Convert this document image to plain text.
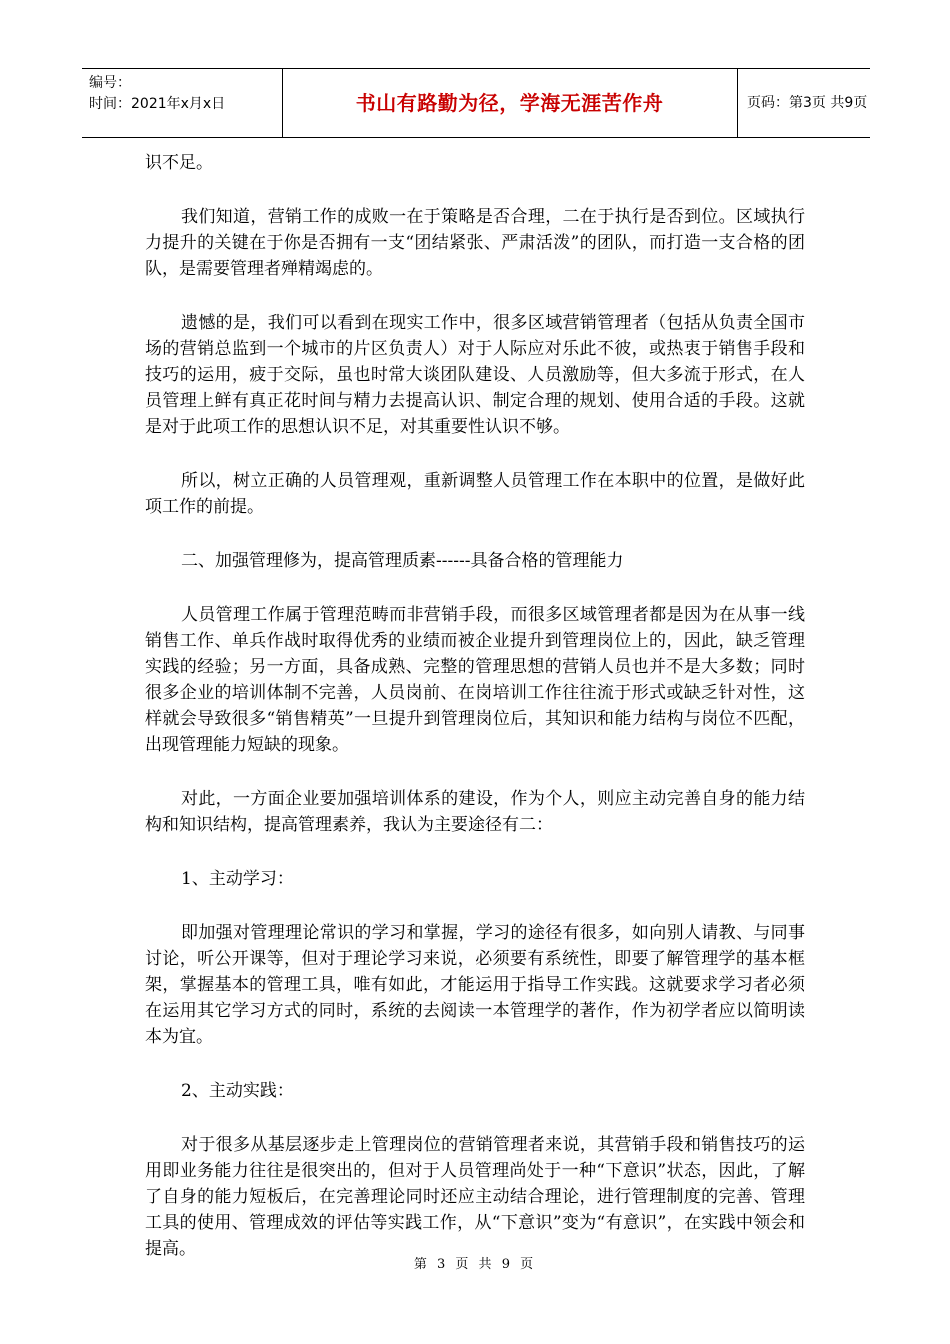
编号：
时间：2021年x月x日	书山有路勤为径，学海无涯苦作舟	页码：第3页 共9页

识不足。

我们知道，营销工作的成败一在于策略是否合理，二在于执行是否到位。区域执行力提升的关键在于你是否拥有一支“团结紧张、严肃活泼”的团队，而打造一支合格的团队，是需要管理者殚精竭虑的。

遗憾的是，我们可以看到在现实工作中，很多区域营销管理者（包括从负责全国市场的营销总监到一个城市的片区负责人）对于人际应对乐此不彼，或热衷于销售手段和技巧的运用，疲于交际，虽也时常大谈团队建设、人员激励等，但大多流于形式，在人员管理上鲜有真正花时间与精力去提高认识、制定合理的规划、使用合适的手段。这就是对于此项工作的思想认识不足，对其重要性认识不够。

所以，树立正确的人员管理观，重新调整人员管理工作在本职中的位置，是做好此项工作的前提。

二、加强管理修为，提高管理质素------具备合格的管理能力

人员管理工作属于管理范畴而非营销手段，而很多区域管理者都是因为在从事一线销售工作、单兵作战时取得优秀的业绩而被企业提升到管理岗位上的，因此，缺乏管理实践的经验；另一方面，具备成熟、完整的管理思想的营销人员也并不是大多数；同时很多企业的培训体制不完善，人员岗前、在岗培训工作往往流于形式或缺乏针对性，这样就会导致很多“销售精英”一旦提升到管理岗位后，其知识和能力结构与岗位不匹配，出现管理能力短缺的现象。

对此，一方面企业要加强培训体系的建设，作为个人，则应主动完善自身的能力结构和知识结构，提高管理素养，我认为主要途径有二：

1、主动学习：

即加强对管理理论常识的学习和掌握，学习的途径有很多，如向别人请教、与同事讨论，听公开课等，但对于理论学习来说，必须要有系统性，即要了解管理学的基本框架，掌握基本的管理工具，唯有如此，才能运用于指导工作实践。这就要求学习者必须在运用其它学习方式的同时，系统的去阅读一本管理学的著作，作为初学者应以简明读本为宜。

2、主动实践：

对于很多从基层逐步走上管理岗位的营销管理者来说，其营销手段和销售技巧的运用即业务能力往往是很突出的，但对于人员管理尚处于一种“下意识”状态，因此，了解了自身的能力短板后，在完善理论同时还应主动结合理论，进行管理制度的完善、管理工具的使用、管理成效的评估等实践工作，从“下意识”变为“有意识”，在实践中领会和提高。

第 3 页 共 9 页
